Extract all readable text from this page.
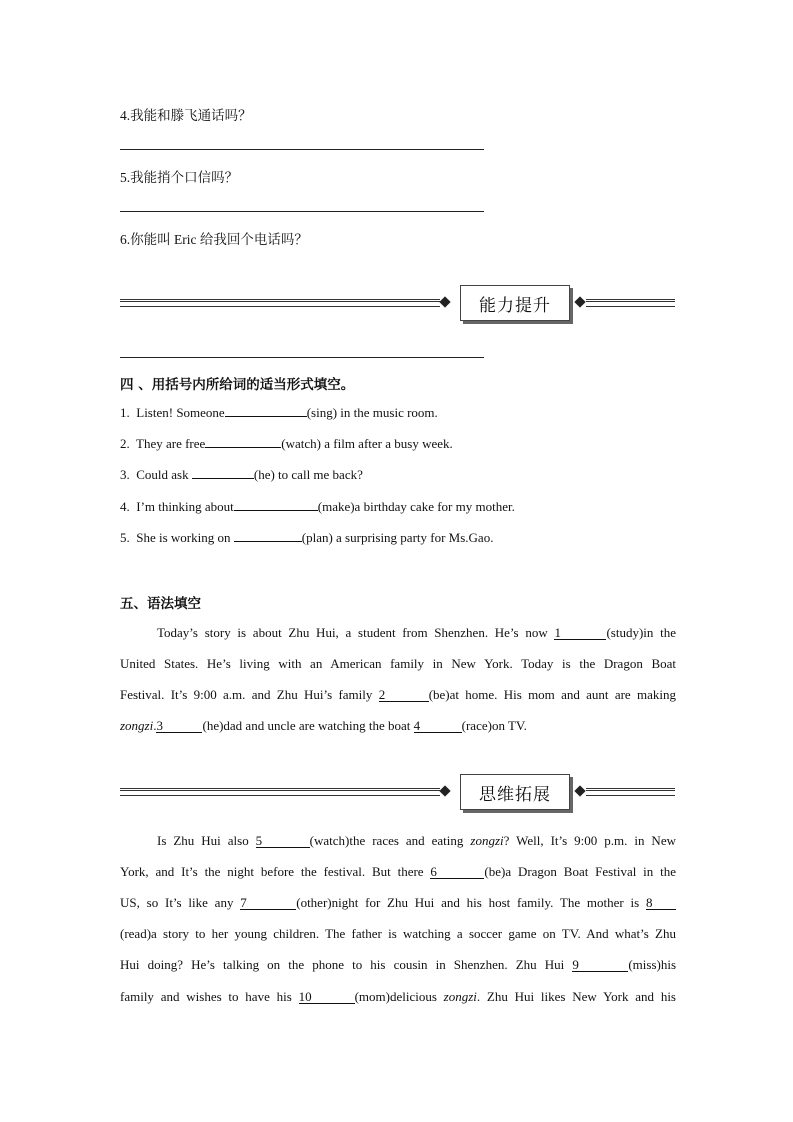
4.我能和滕飞通话吗？
5.我能捎个口信吗？
6.你能叫 Eric 给我回个电话吗？
能力提升
四 、用括号内所给词的适当形式填空。
1. Listen! Someone	(sing) in the music room.
2. They are free	(watch) a film after a busy week.
3. Could ask	(he) to call me back?
4. I’m thinking about	(make)a birthday cake for my mother.
5. She is working on	(plan) a surprising party for Ms.Gao.
五、语法填空
Today’s story is about Zhu Hui, a student from Shenzhen. He’s now 1	(study)in the
United States. He’s living with an American family in New York. Today is the Dragon Boat
Festival. It’s 9:00 a.m. and Zhu Hui’s family 2	(be)at home. His mom and aunt are making
zongzi.3	(he)dad and uncle are watching the boat 4	(race)on TV.
思维拓展
Is Zhu Hui also 5	(watch)the races and eating zongzi? Well, It’s 9:00 p.m. in New
York, and It’s the night before the festival. But there 6	(be)a Dragon Boat Festival in the
US, so It’s like any 7	(other)night for Zhu Hui and his host family. The mother is 8
(read)a story to her young children. The father is watching a soccer game on TV. And what’s Zhu
Hui doing? He’s talking on the phone to his cousin in Shenzhen. Zhu Hui 9	(miss)his
family and wishes to have his 10	(mom)delicious zongzi. Zhu Hui likes New York and his
